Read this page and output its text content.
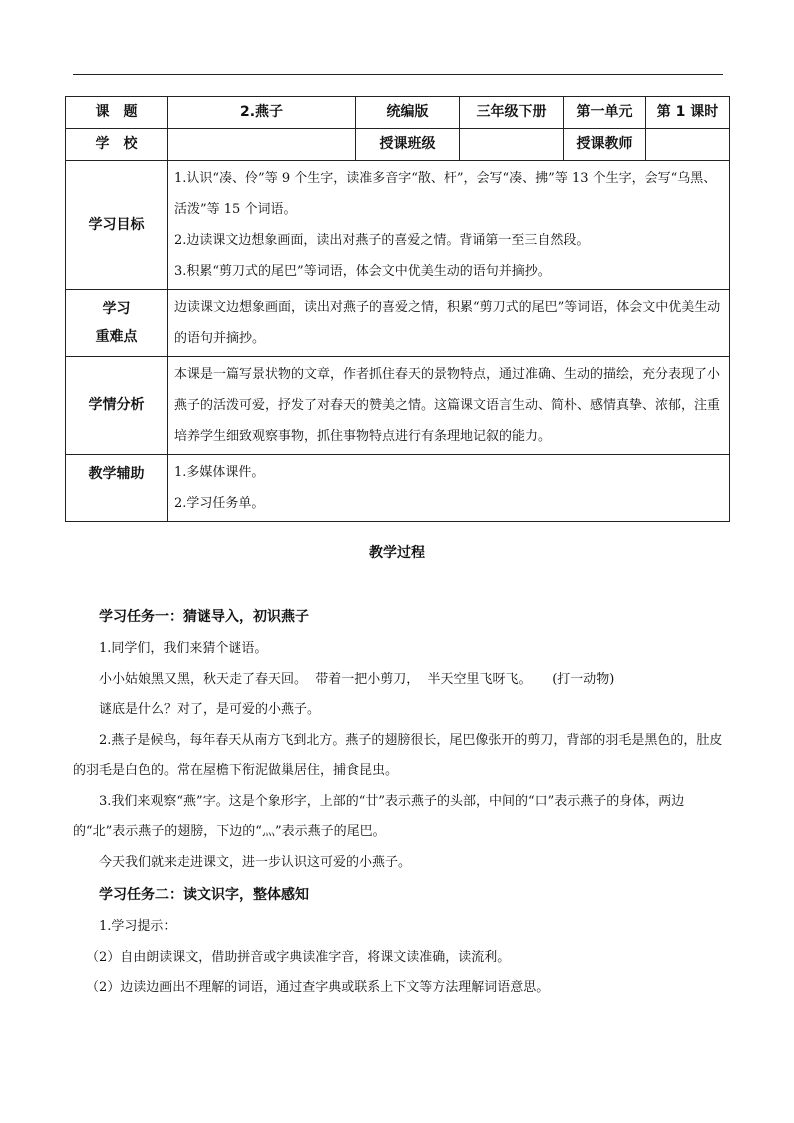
课　题	2.燕子	统编版	三年级下册	第一单元	第 1 课时
学　校		授课班级		授课教师	
学习目标	1.认识“凑、伶”等 9 个生字，读准多音字“散、杆”，会写“凑、拂”等 13 个生字，会写“乌黑、活泼”等 15 个词语。

2.边读课文边想象画面，读出对燕子的喜爱之情。背诵第一至三自然段。

3.积累“剪刀式的尾巴”等词语，体会文中优美生动的语句并摘抄。				

学习
重难点	边读课文边想象画面，读出对燕子的喜爱之情，积累“剪刀式的尾巴”等词语，体会文中优美生动的语句并摘抄。				

学情分析	本课是一篇写景状物的文章，作者抓住春天的景物特点，通过准确、生动的描绘，充分表现了小燕子的活泼可爱，抒发了对春天的赞美之情。这篇课文语言生动、简朴、感情真挚、浓郁，注重培养学生细致观察事物，抓住事物特点进行有条理地记叙的能力。				

教学辅助	1.多媒体课件。

2.学习任务单。				

教学过程
学习任务一：猜谜导入，初识燕子

1.同学们，我们来猜个谜语。

小小姑娘黑又黑，秋天走了春天回。  带着一把小剪刀，  半天空里飞呀飞。     (打一动物)

谜底是什么？对了，是可爱的小燕子。

2.燕子是候鸟，每年春天从南方飞到北方。燕子的翅膀很长，尾巴像张开的剪刀，背部的羽毛是黑色的，肚皮的羽毛是白色的。常在屋檐下衔泥做巢居住，捕食昆虫。

3.我们来观察“燕”字。这是个象形字，上部的“廿”表示燕子的头部，中间的“口”表示燕子的身体，两边的“北”表示燕子的翅膀，下边的“灬”表示燕子的尾巴。

今天我们就来走进课文，进一步认识这可爱的小燕子。

学习任务二：读文识字，整体感知

1.学习提示：

（2）自由朗读课文，借助拼音或字典读准字音，将课文读准确，读流利。

（2）边读边画出不理解的词语，通过查字典或联系上下文等方法理解词语意思。
